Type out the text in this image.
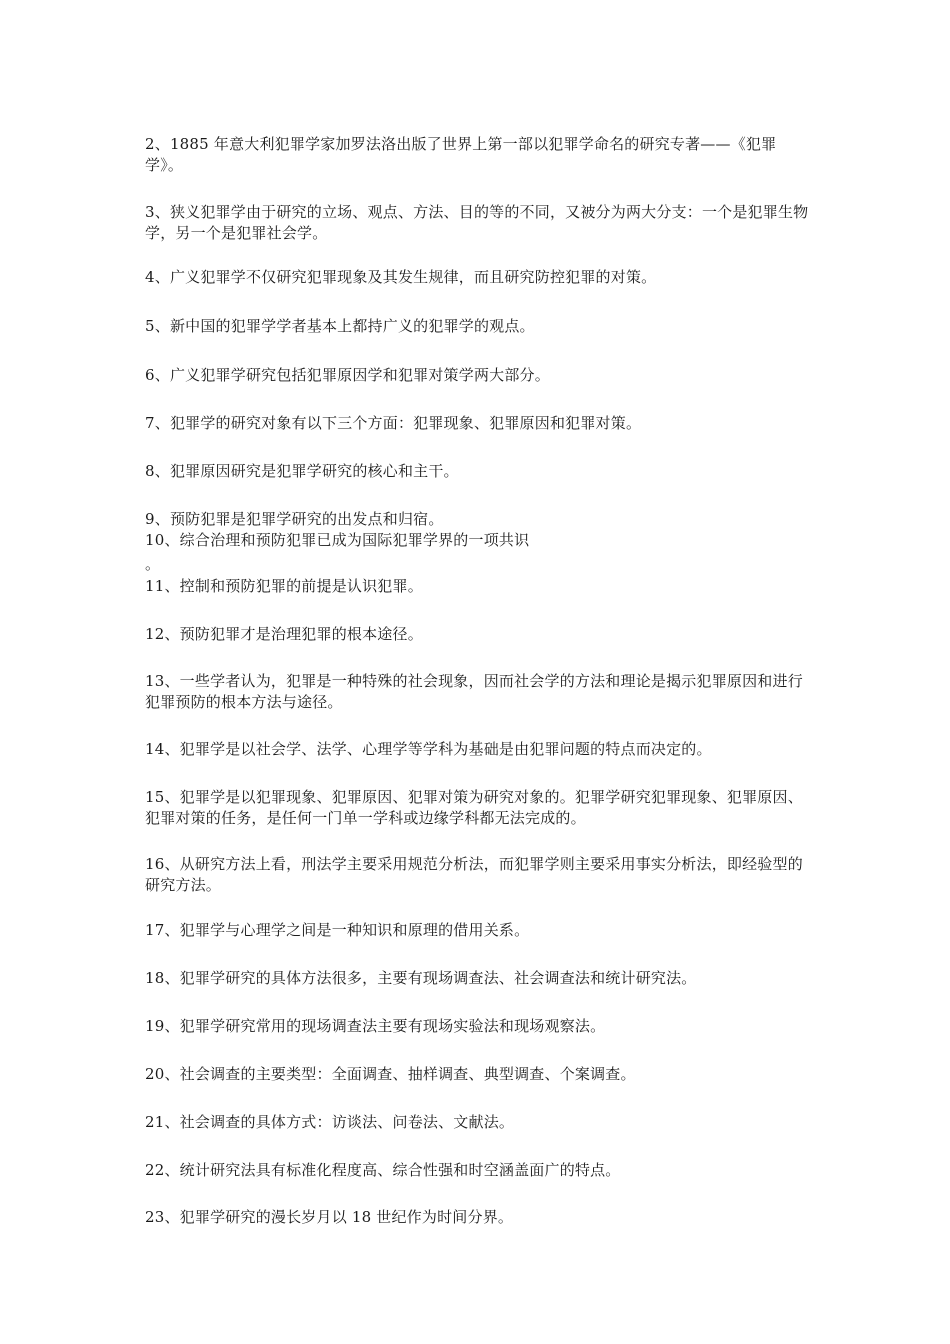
2、1885 年意大利犯罪学家加罗法洛出版了世界上第一部以犯罪学命名的研究专著——《犯罪学》。

3、狭义犯罪学由于研究的立场、观点、方法、目的等的不同，又被分为两大分支：一个是犯罪生物学，另一个是犯罪社会学。

4、广义犯罪学不仅研究犯罪现象及其发生规律，而且研究防控犯罪的对策。

5、新中国的犯罪学学者基本上都持广义的犯罪学的观点。

6、广义犯罪学研究包括犯罪原因学和犯罪对策学两大部分。

7、犯罪学的研究对象有以下三个方面：犯罪现象、犯罪原因和犯罪对策。

8、犯罪原因研究是犯罪学研究的核心和主干。

9、预防犯罪是犯罪学研究的出发点和归宿。

10、综合治理和预防犯罪已成为国际犯罪学界的一项共识

。

11、控制和预防犯罪的前提是认识犯罪。

12、预防犯罪才是治理犯罪的根本途径。

13、一些学者认为，犯罪是一种特殊的社会现象，因而社会学的方法和理论是揭示犯罪原因和进行犯罪预防的根本方法与途径。

14、犯罪学是以社会学、法学、心理学等学科为基础是由犯罪问题的特点而决定的。

15、犯罪学是以犯罪现象、犯罪原因、犯罪对策为研究对象的。犯罪学研究犯罪现象、犯罪原因、犯罪对策的任务，是任何一门单一学科或边缘学科都无法完成的。

16、从研究方法上看，刑法学主要采用规范分析法，而犯罪学则主要采用事实分析法，即经验型的研究方法。

17、犯罪学与心理学之间是一种知识和原理的借用关系。

18、犯罪学研究的具体方法很多，主要有现场调查法、社会调查法和统计研究法。

19、犯罪学研究常用的现场调查法主要有现场实验法和现场观察法。

20、社会调查的主要类型：全面调查、抽样调查、典型调查、个案调查。

21、社会调查的具体方式：访谈法、问卷法、文献法。

22、统计研究法具有标准化程度高、综合性强和时空涵盖面广的特点。

23、犯罪学研究的漫长岁月以 18 世纪作为时间分界。
